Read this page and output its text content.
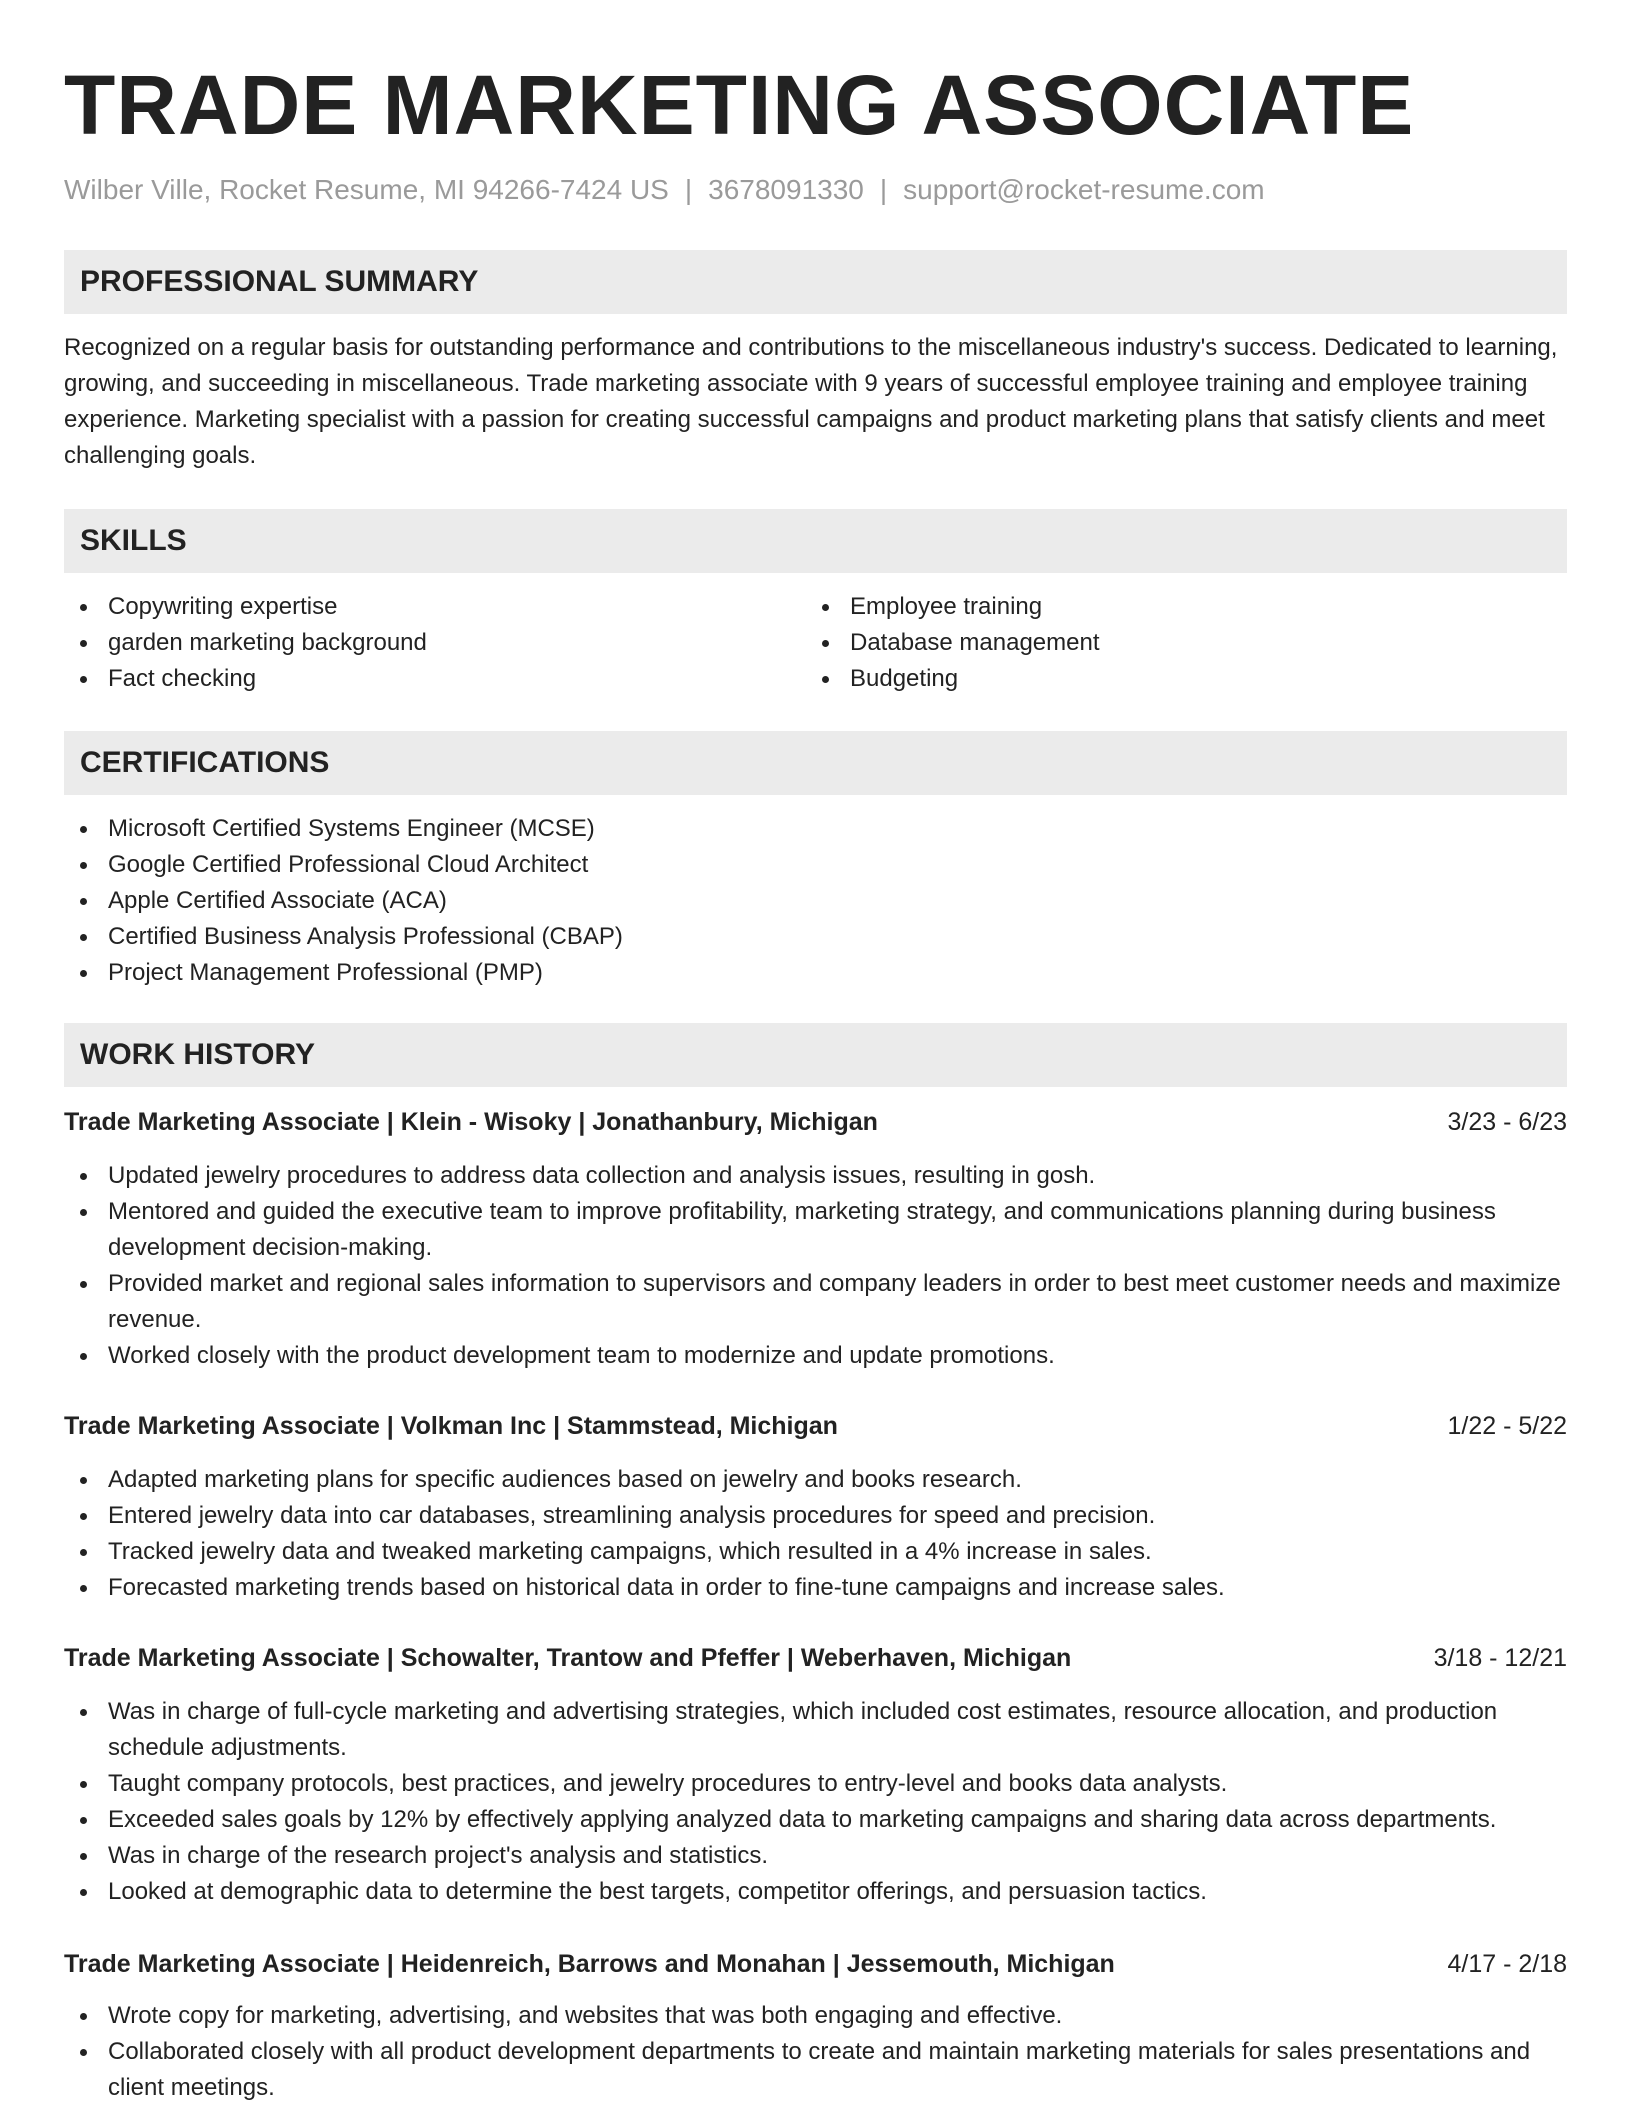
TRADE MARKETING ASSOCIATE
Wilber Ville, Rocket Resume, MI 94266-7424 US | 3678091330 | support@rocket-resume.com
PROFESSIONAL SUMMARY
Recognized on a regular basis for outstanding performance and contributions to the miscellaneous industry's success. Dedicated to learning, growing, and succeeding in miscellaneous. Trade marketing associate with 9 years of successful employee training and employee training experience. Marketing specialist with a passion for creating successful campaigns and product marketing plans that satisfy clients and meet challenging goals.
SKILLS
Copywriting expertise
garden marketing background
Fact checking
Employee training
Database management
Budgeting
CERTIFICATIONS
Microsoft Certified Systems Engineer (MCSE)
Google Certified Professional Cloud Architect
Apple Certified Associate (ACA)
Certified Business Analysis Professional (CBAP)
Project Management Professional (PMP)
WORK HISTORY
Trade Marketing Associate | Klein - Wisoky | Jonathanbury, Michigan	3/23 - 6/23
Updated jewelry procedures to address data collection and analysis issues, resulting in gosh.
Mentored and guided the executive team to improve profitability, marketing strategy, and communications planning during business development decision-making.
Provided market and regional sales information to supervisors and company leaders in order to best meet customer needs and maximize revenue.
Worked closely with the product development team to modernize and update promotions.
Trade Marketing Associate | Volkman Inc | Stammstead, Michigan	1/22 - 5/22
Adapted marketing plans for specific audiences based on jewelry and books research.
Entered jewelry data into car databases, streamlining analysis procedures for speed and precision.
Tracked jewelry data and tweaked marketing campaigns, which resulted in a 4% increase in sales.
Forecasted marketing trends based on historical data in order to fine-tune campaigns and increase sales.
Trade Marketing Associate | Schowalter, Trantow and Pfeffer | Weberhaven, Michigan	3/18 - 12/21
Was in charge of full-cycle marketing and advertising strategies, which included cost estimates, resource allocation, and production schedule adjustments.
Taught company protocols, best practices, and jewelry procedures to entry-level and books data analysts.
Exceeded sales goals by 12% by effectively applying analyzed data to marketing campaigns and sharing data across departments.
Was in charge of the research project's analysis and statistics.
Looked at demographic data to determine the best targets, competitor offerings, and persuasion tactics.
Trade Marketing Associate | Heidenreich, Barrows and Monahan | Jessemouth, Michigan	4/17 - 2/18
Wrote copy for marketing, advertising, and websites that was both engaging and effective.
Collaborated closely with all product development departments to create and maintain marketing materials for sales presentations and client meetings.
